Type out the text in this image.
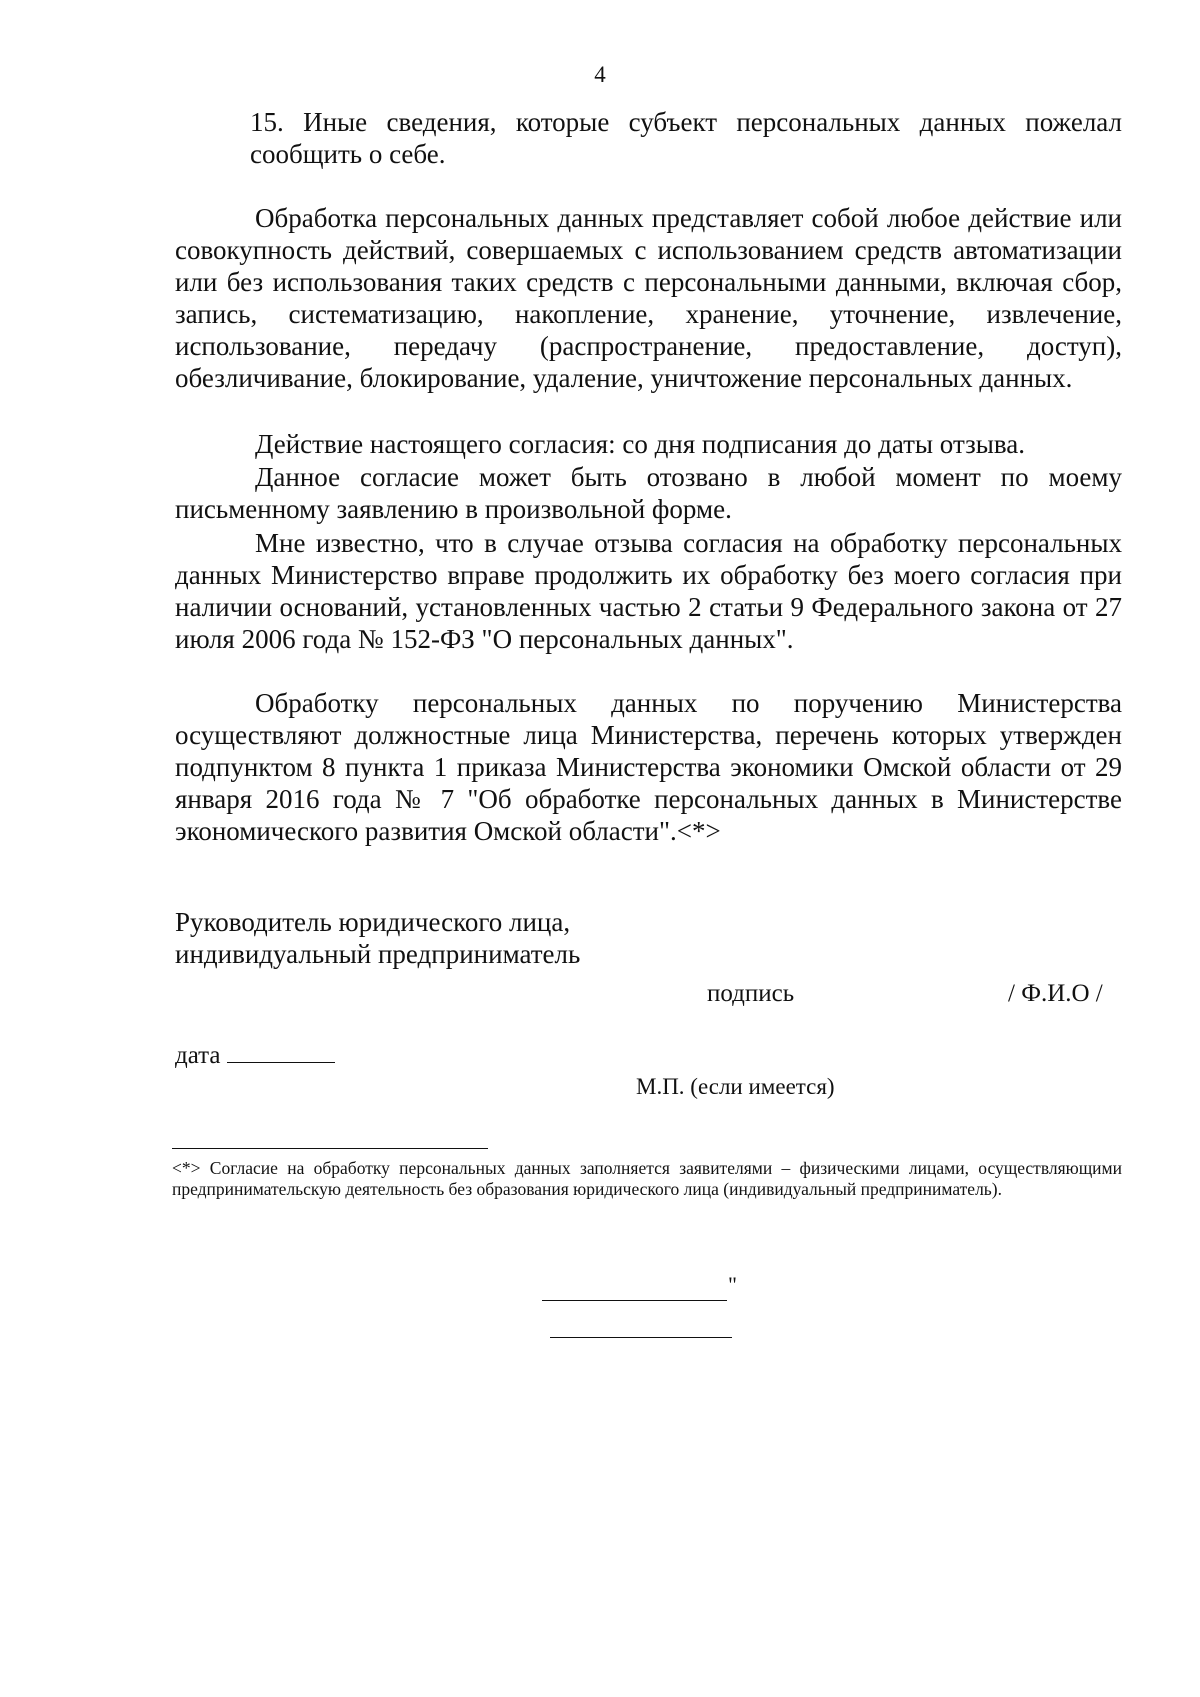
4
15. Иные сведения, которые субъект персональных данных пожелал сообщить о себе.
Обработка персональных данных представляет собой любое действие или совокупность действий, совершаемых с использованием средств автоматизации или без использования таких средств с персональными данными, включая сбор, запись, систематизацию, накопление, хранение, уточнение, извлечение, использование, передачу (распространение, предоставление, доступ), обезличивание, блокирование, удаление, уничтожение персональных данных.
Действие настоящего согласия: со дня подписания до даты отзыва.
Данное согласие может быть отозвано в любой момент по моему письменному заявлению в произвольной форме.
Мне известно, что в случае отзыва согласия на обработку персональных данных Министерство вправе продолжить их обработку без моего согласия при наличии оснований, установленных частью 2 статьи 9 Федерального закона от 27 июля 2006 года № 152-ФЗ "О персональных данных".
Обработку персональных данных по поручению Министерства осуществляют должностные лица Министерства, перечень которых утвержден подпунктом 8 пункта 1 приказа Министерства экономики Омской области от 29 января 2016 года № 7 "Об обработке персональных данных в Министерстве экономического развития Омской области".<*>
Руководитель юридического лица,
индивидуальный предприниматель
подпись	/ Ф.И.О /
дата
М.П. (если имеется)
<*> Согласие на обработку персональных данных заполняется заявителями – физическими лицами, осуществляющими предпринимательскую деятельность без образования юридического лица (индивидуальный предприниматель).
"
